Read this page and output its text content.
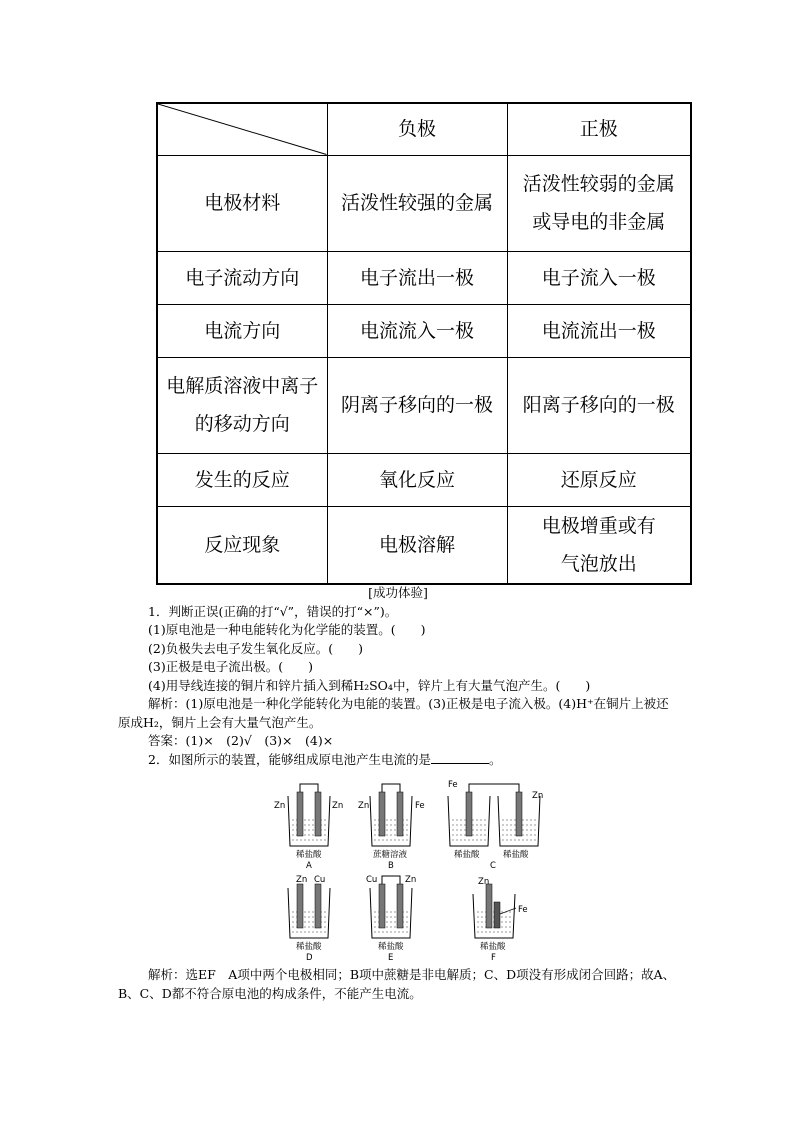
	负极	正极
电极材料	活泼性较强的金属	活泼性较弱的金属或导电的非金属
电子流动方向	电子流出一极	电子流入一极
电流方向	电流流入一极	电流流出一极
电解质溶液中离子的移动方向	阴离子移向的一极	阳离子移向的一极
发生的反应	氧化反应	还原反应
反应现象	电极溶解	电极增重或有气泡放出

[成功体验]

1．判断正误(正确的打“√”，错误的打“×”)。

(1)原电池是一种电能转化为化学能的装置。(　　)

(2)负极失去电子发生氧化反应。(　　)

(3)正极是电子流出极。(　　)

(4)用导线连接的铜片和锌片插入到稀H₂SO₄中，锌片上有大量气泡产生。(　　)

解析：(1)原电池是一种化学能转化为电能的装置。(3)正极是电子流入极。(4)H⁺在铜片上被还原成H₂，铜片上会有大量气泡产生。

答案：(1)×　(2)√　(3)×　(4)×

2．如图所示的装置，能够组成原电池产生电流的是	。

Zn	Zn
稀盐酸
A
Zn	Fe
蔗糖溶液
B
Fe
Zn
稀盐酸	稀盐酸
C
Zn Cu
稀盐酸
D
Cu	Zn
稀盐酸
E
Zn
Fe
稀盐酸
F

解析：选EF　A项中两个电极相同；B项中蔗糖是非电解质；C、D项没有形成闭合回路；故A、B、C、D都不符合原电池的构成条件，不能产生电流。
